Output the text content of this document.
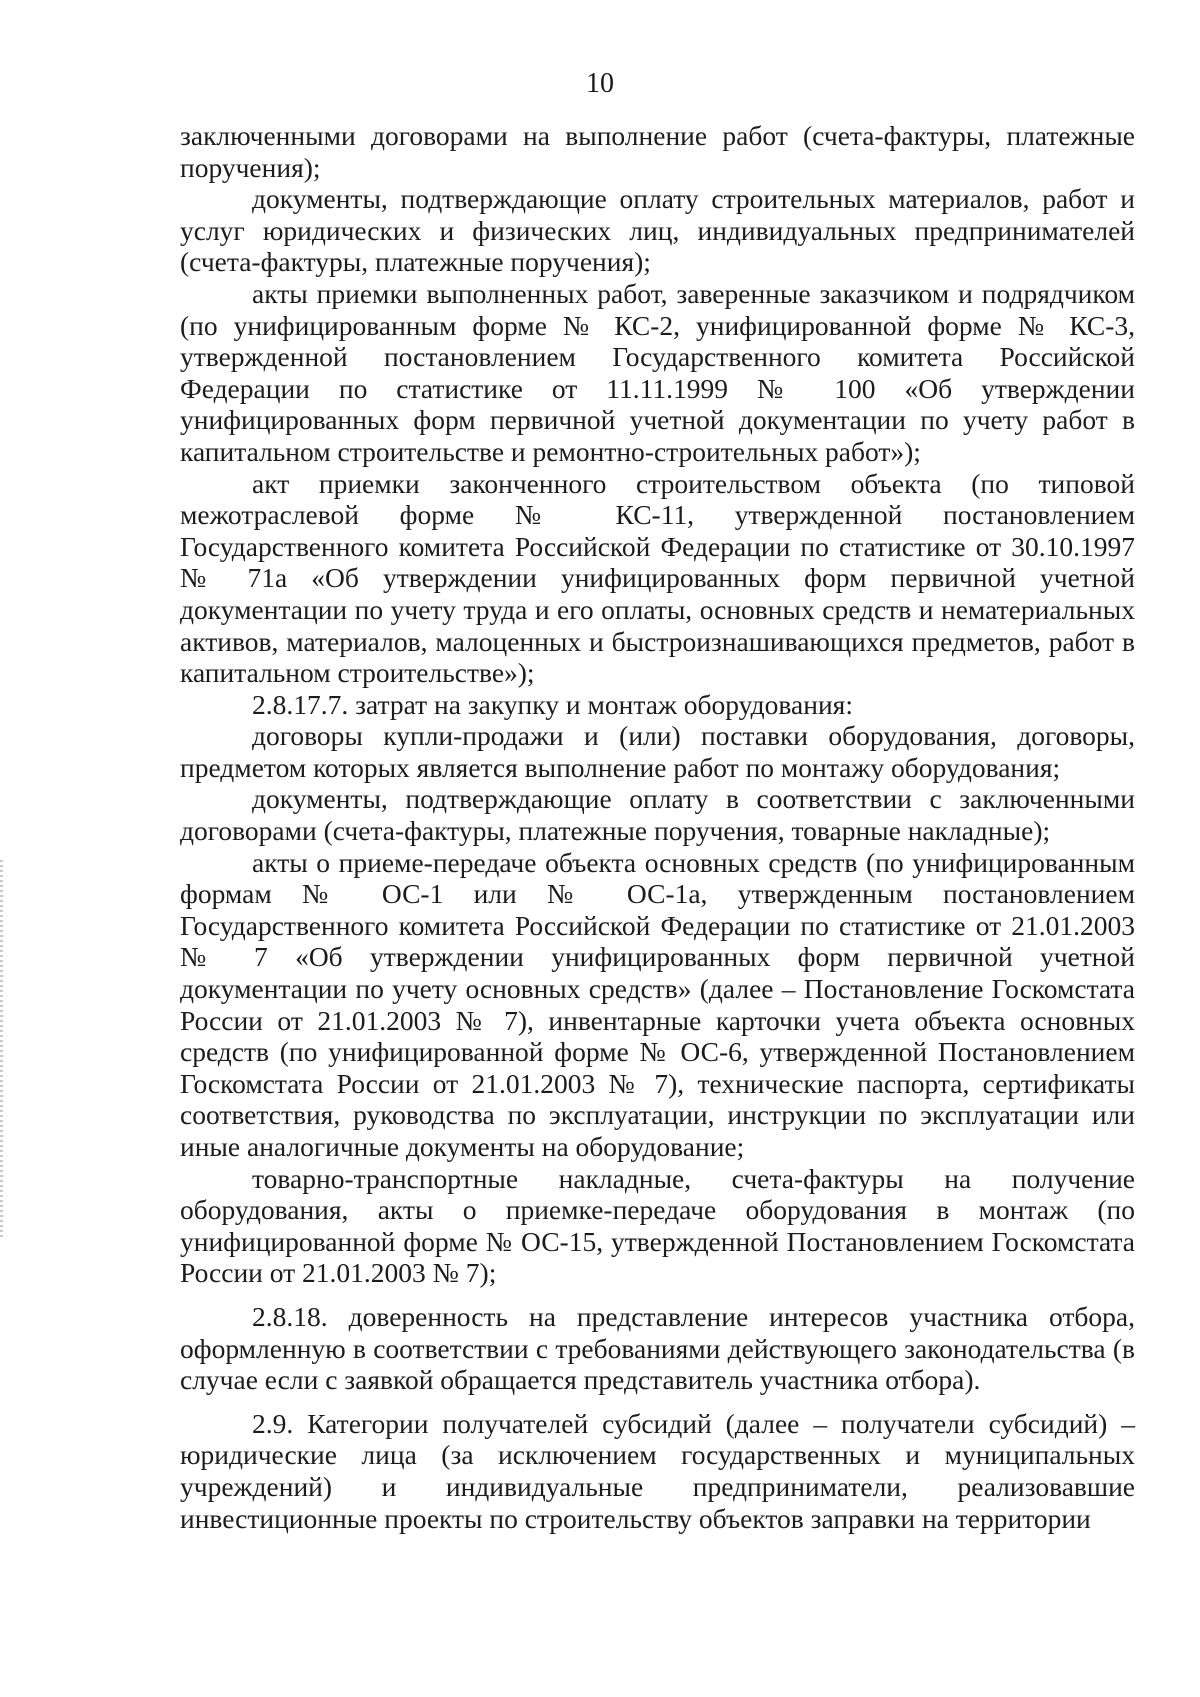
10

заключенными договорами на выполнение работ (счета-фактуры, платежные поручения);

документы, подтверждающие оплату строительных материалов, работ и услуг юридических и физических лиц, индивидуальных предпринимателей (счета-фактуры, платежные поручения);

акты приемки выполненных работ, заверенные заказчиком и подрядчиком (по унифицированным форме № КС-2, унифицированной форме № КС-3, утвержденной постановлением Государственного комитета Российской Федерации по статистике от 11.11.1999 № 100 «Об утверждении унифицированных форм первичной учетной документации по учету работ в капитальном строительстве и ремонтно-строительных работ»);

акт приемки законченного строительством объекта (по типовой межотраслевой форме № КС-11, утвержденной постановлением Государственного комитета Российской Федерации по статистике от 30.10.1997 № 71а «Об утверждении унифицированных форм первичной учетной документации по учету труда и его оплаты, основных средств и нематериальных активов, материалов, малоценных и быстроизнашивающихся предметов, работ в капитальном строительстве»);

2.8.17.7. затрат на закупку и монтаж оборудования:

договоры купли-продажи и (или) поставки оборудования, договоры, предметом которых является выполнение работ по монтажу оборудования;

документы, подтверждающие оплату в соответствии с заключенными договорами (счета-фактуры, платежные поручения, товарные накладные);

акты о приеме-передаче объекта основных средств (по унифицированным формам № ОС-1 или № ОС-1а, утвержденным постановлением Государственного комитета Российской Федерации по статистике от 21.01.2003 № 7 «Об утверждении унифицированных форм первичной учетной документации по учету основных средств» (далее – Постановление Госкомстата России от 21.01.2003 № 7), инвентарные карточки учета объекта основных средств (по унифицированной форме № ОС-6, утвержденной Постановлением Госкомстата России от 21.01.2003 № 7), технические паспорта, сертификаты соответствия, руководства по эксплуатации, инструкции по эксплуатации или иные аналогичные документы на оборудование;

товарно-транспортные накладные, счета-фактуры на получение оборудования, акты о приемке-передаче оборудования в монтаж (по унифицированной форме № ОС-15, утвержденной Постановлением Госкомстата России от 21.01.2003 № 7);

2.8.18. доверенность на представление интересов участника отбора, оформленную в соответствии с требованиями действующего законодательства (в случае если с заявкой обращается представитель участника отбора).

2.9. Категории получателей субсидий (далее – получатели субсидий) – юридические лица (за исключением государственных и муниципальных учреждений) и индивидуальные предприниматели, реализовавшие инвестиционные проекты по строительству объектов заправки на территории
